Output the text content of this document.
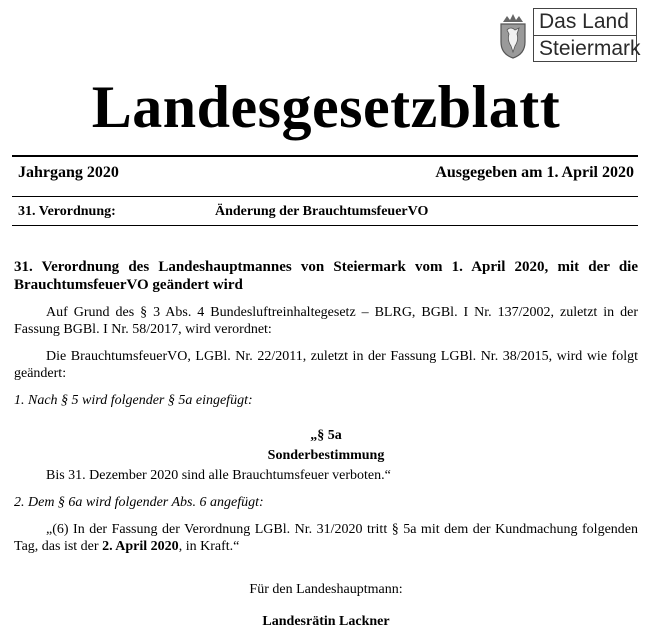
Das Land
Steiermark
Landesgesetzblatt
Jahrgang 2020	Ausgegeben am 1. April 2020
31. Verordnung:	Änderung der BrauchtumsfeuerVO

31. Verordnung des Landeshauptmannes von Steiermark vom 1. April 2020, mit der die BrauchtumsfeuerVO geändert wird

Auf Grund des § 3 Abs. 4 Bundesluftreinhaltegesetz – BLRG, BGBl. I Nr. 137/2002, zuletzt in der Fassung BGBl. I Nr. 58/2017, wird verordnet:

Die BrauchtumsfeuerVO, LGBl. Nr. 22/2011, zuletzt in der Fassung LGBl. Nr. 38/2015, wird wie folgt geändert:

1. Nach § 5 wird folgender § 5a eingefügt:

„§ 5a

Sonderbestimmung

Bis 31. Dezember 2020 sind alle Brauchtumsfeuer verboten.“

2. Dem § 6a wird folgender Abs. 6 angefügt:

„(6) In der Fassung der Verordnung LGBl. Nr. 31/2020 tritt § 5a mit dem der Kundmachung folgenden Tag, das ist der 2. April 2020, in Kraft.“

Für den Landeshauptmann:

Landesrätin Lackner
